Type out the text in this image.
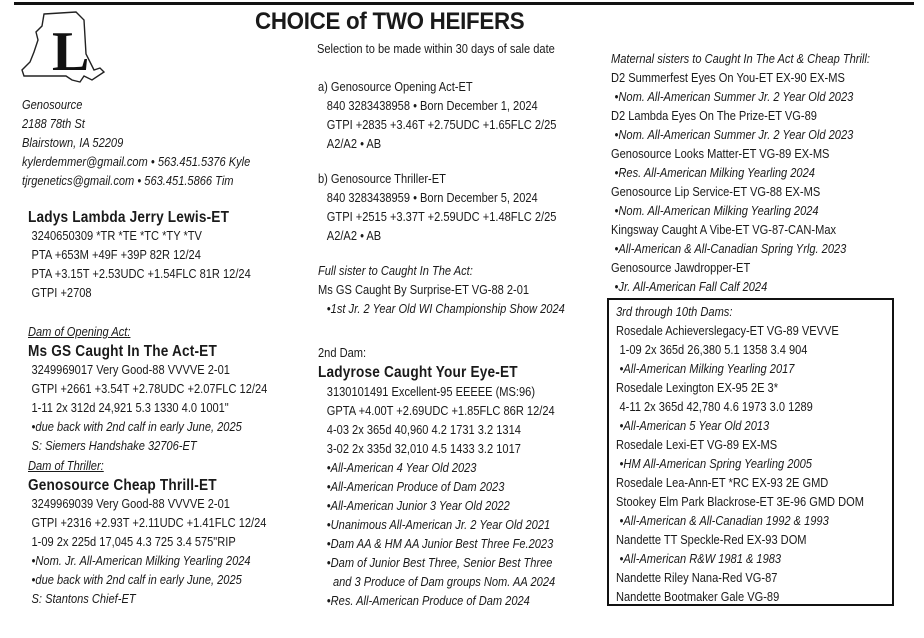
L	CHOICE of TWO HEIFERS
Genosource
2188 78th St
Blairstown, IA 52209
kylerdemmer@gmail.com • 563.451.5376 Kyle
tjrgenetics@gmail.com • 563.451.5866 Tim
Ladys Lambda Jerry Lewis-ET
3240650309 *TR *TE *TC *TY *TV
PTA +653M +49F +39P 82R 12/24
PTA +3.15T +2.53UDC +1.54FLC 81R 12/24
GTPI +2708
Dam of Opening Act:
Ms GS Caught In The Act-ET
3249969017 Very Good-88 VVVVE 2-01
GTPI +2661 +3.54T +2.78UDC +2.07FLC 12/24
1-11 2x 312d 24,921 5.3 1330 4.0 1001"
•due back with 2nd calf in early June, 2025
S: Siemers Handshake 32706-ET
Dam of Thriller:
Genosource Cheap Thrill-ET
3249969039 Very Good-88 VVVVE 2-01
GTPI +2316 +2.93T +2.11UDC +1.41FLC 12/24
1-09 2x 225d 17,045 4.3 725 3.4 575"RIP
•Nom. Jr. All-American Milking Yearling 2024
•due back with 2nd calf in early June, 2025
S: Stantons Chief-ET
Selection to be made within 30 days of sale date
a) Genosource Opening Act-ET
840 3283438958 • Born December 1, 2024
GTPI +2835 +3.46T +2.75UDC +1.65FLC 2/25
A2/A2 • AB
b) Genosource Thriller-ET
840 3283438959 • Born December 5, 2024
GTPI +2515 +3.37T +2.59UDC +1.48FLC 2/25
A2/A2 • AB
Full sister to Caught In The Act:
Ms GS Caught By Surprise-ET VG-88 2-01
•1st Jr. 2 Year Old WI Championship Show 2024
2nd Dam:
Ladyrose Caught Your Eye-ET
3130101491 Excellent-95 EEEEE (MS:96)
GPTA +4.00T +2.69UDC +1.85FLC 86R 12/24
4-03 2x 365d 40,960 4.2 1731 3.2 1314
3-02 2x 335d 32,010 4.5 1433 3.2 1017
•All-American 4 Year Old 2023
•All-American Produce of Dam 2023
•All-American Junior 3 Year Old 2022
•Unanimous All-American Jr. 2 Year Old 2021
•Dam AA & HM AA Junior Best Three Fe.2023
•Dam of Junior Best Three, Senior Best Three
and 3 Produce of Dam groups Nom. AA 2024
•Res. All-American Produce of Dam 2024
Maternal sisters to Caught In The Act & Cheap Thrill:
D2 Summerfest Eyes On You-ET EX-90 EX-MS
•Nom. All-American Summer Jr. 2 Year Old 2023
D2 Lambda Eyes On The Prize-ET VG-89
•Nom. All-American Summer Jr. 2 Year Old 2023
Genosource Looks Matter-ET VG-89 EX-MS
•Res. All-American Milking Yearling 2024
Genosource Lip Service-ET VG-88 EX-MS
•Nom. All-American Milking Yearling 2024
Kingsway Caught A Vibe-ET VG-87-CAN-Max
•All-American & All-Canadian Spring Yrlg. 2023
Genosource Jawdropper-ET
•Jr. All-American Fall Calf 2024
3rd through 10th Dams:
Rosedale Achieverslegacy-ET VG-89 VEVVE
1-09 2x 365d 26,380 5.1 1358 3.4 904
•All-American Milking Yearling 2017
Rosedale Lexington EX-95 2E 3*
4-11 2x 365d 42,780 4.6 1973 3.0 1289
•All-American 5 Year Old 2013
Rosedale Lexi-ET VG-89 EX-MS
•HM All-American Spring Yearling 2005
Rosedale Lea-Ann-ET *RC EX-93 2E GMD
Stookey Elm Park Blackrose-ET 3E-96 GMD DOM
•All-American & All-Canadian 1992 & 1993
Nandette TT Speckle-Red EX-93 DOM
•All-American R&W 1981 & 1983
Nandette Riley Nana-Red VG-87
Nandette Bootmaker Gale VG-89
